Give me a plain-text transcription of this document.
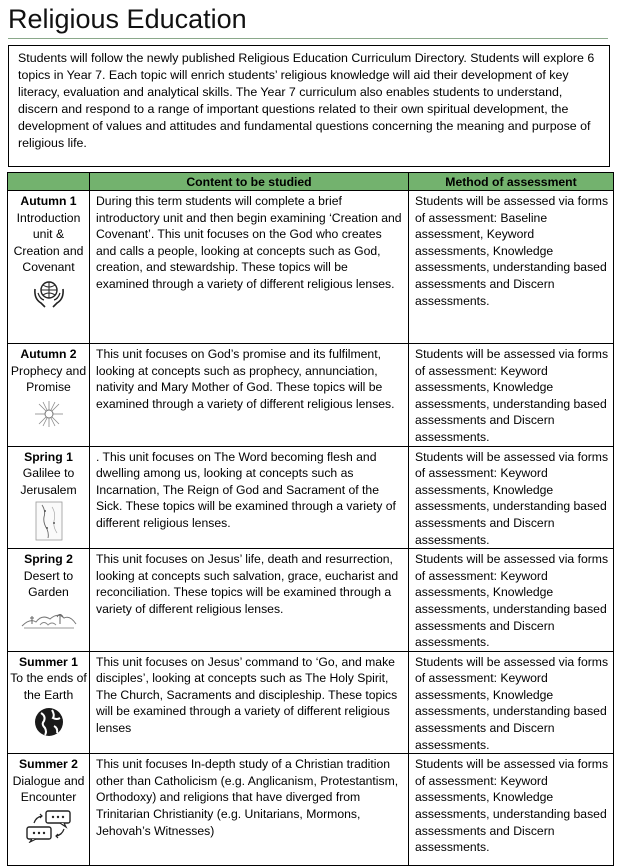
Religious Education
Students will follow the newly published Religious Education Curriculum Directory. Students will explore 6 topics in Year 7. Each topic will enrich students’ religious knowledge will aid their development of key literacy, evaluation and analytical skills. The Year 7 curriculum also enables students to understand, discern and respond to a range of important questions related to their own spiritual development, the development of values and attitudes and fundamental questions concerning the meaning and purpose of religious life.
	Content to be studied	Method of assessment

Autumn 1
Introduction unit & Creation and Covenant	During this term students will complete a brief introductory unit and then begin examining ‘Creation and Covenant’. This unit focuses on the God who creates and calls a people, looking at concepts such as God, creation, and stewardship. These topics will be examined through a variety of different religious lenses.	Students will be assessed via forms of assessment: Baseline assessment, Keyword assessments, Knowledge assessments, understanding based assessments and Discern assessments.

Autumn 2
Prophecy and Promise	This unit focuses on God’s promise and its fulfilment, looking at concepts such as prophecy, annunciation, nativity and Mary Mother of God. These topics will be examined through a variety of different religious lenses.	Students will be assessed via forms of assessment: Keyword assessments, Knowledge assessments, understanding based assessments and Discern assessments.

Spring 1
Galilee to Jerusalem	. This unit focuses on The Word becoming flesh and dwelling among us, looking at concepts such as Incarnation, The Reign of God and Sacrament of the Sick. These topics will be examined through a variety of different religious lenses.	Students will be assessed via forms of assessment: Keyword assessments, Knowledge assessments, understanding based assessments and Discern assessments.

Spring 2
Desert to Garden	This unit focuses on Jesus’ life, death and resurrection, looking at concepts such salvation, grace, eucharist and reconciliation. These topics will be examined through a variety of different religious lenses.	Students will be assessed via forms of assessment: Keyword assessments, Knowledge assessments, understanding based assessments and Discern assessments.

Summer 1
To the ends of the Earth	This unit focuses on Jesus’ command to ‘Go, and make disciples’, looking at concepts such as The Holy Spirit, The Church, Sacraments and discipleship. These topics will be examined through a variety of different religious lenses	Students will be assessed via forms of assessment: Keyword assessments, Knowledge assessments, understanding based assessments and Discern assessments.

Summer 2
Dialogue and Encounter	This unit focuses In-depth study of a Christian tradition other than Catholicism (e.g. Anglicanism, Protestantism, Orthodoxy) and religions that have diverged from Trinitarian Christianity (e.g. Unitarians, Mormons, Jehovah’s Witnesses)	Students will be assessed via forms of assessment: Keyword assessments, Knowledge assessments, understanding based assessments and Discern assessments.
